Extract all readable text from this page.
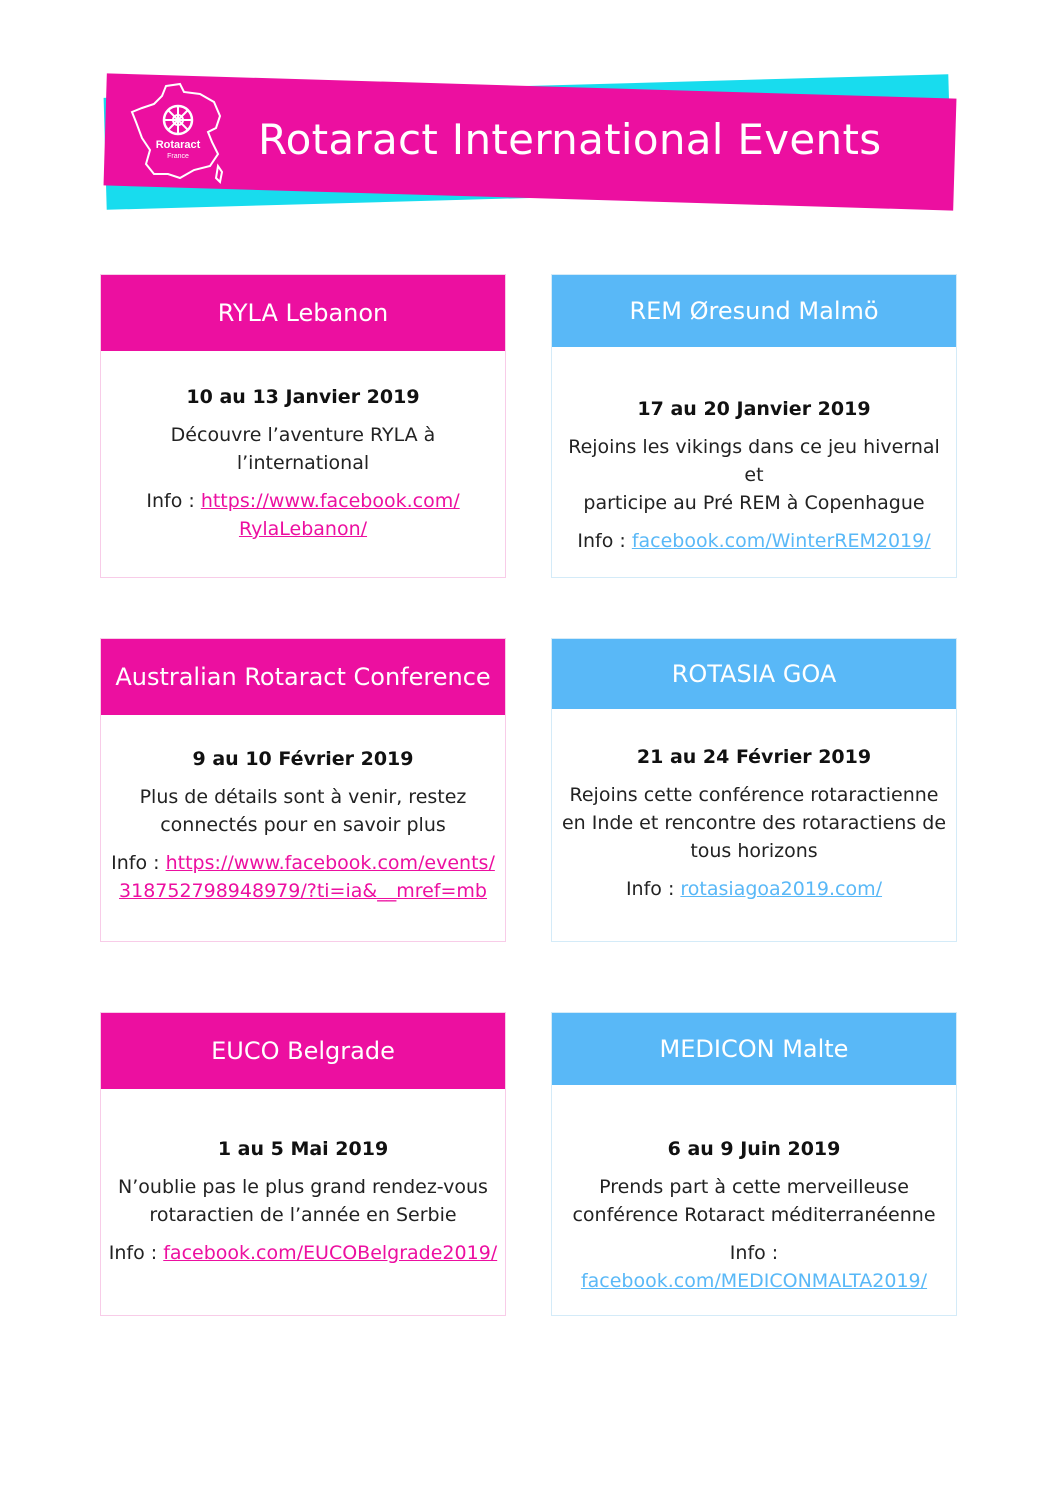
Rotaract
France Rotaract International Events
RYLA Lebanon
10 au 13 Janvier 2019
Découvre l’aventure RYLA à
l’international
Info : https://www.facebook.com/
RylaLebanon/
REM Øresund Malmö
17 au 20 Janvier 2019
Rejoins les vikings dans ce jeu hivernal et
participe au Pré REM à Copenhague
Info : facebook.com/WinterREM2019/
Australian Rotaract Conference
9 au 10 Février 2019
Plus de détails sont à venir, restez
connectés pour en savoir plus
Info : https://www.facebook.com/events/
318752798948979/?ti=ia&__mref=mb
ROTASIA GOA
21 au 24 Février 2019
Rejoins cette conférence rotaractienne
en Inde et rencontre des rotaractiens de
tous horizons
Info : rotasiagoa2019.com/
EUCO Belgrade
1 au 5 Mai 2019
N’oublie pas le plus grand rendez-vous
rotaractien de l’année en Serbie
Info : facebook.com/EUCOBelgrade2019/
MEDICON Malte
6 au 9 Juin 2019
Prends part à cette merveilleuse
conférence Rotaract méditerranéenne
Info : facebook.com/MEDICONMALTA2019/
